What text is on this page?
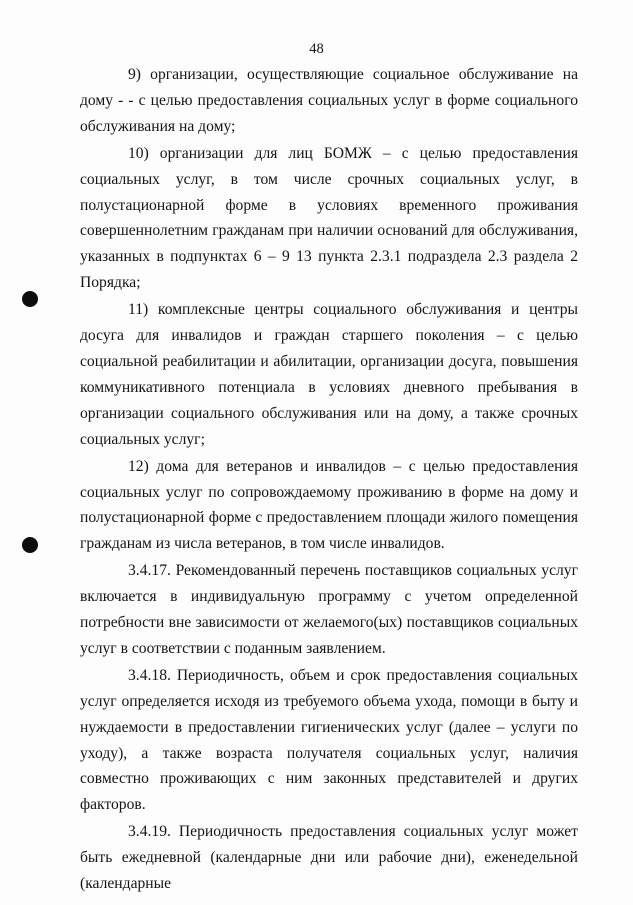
48

9) организации, осуществляющие социальное обслуживание на дому - - с целью предоставления социальных услуг в форме социального обслуживания на дому;

10) организации для лиц БОМЖ – с целью предоставления социальных услуг, в том числе срочных социальных услуг, в полустационарной форме в условиях временного проживания совершеннолетним гражданам при наличии оснований для обслуживания, указанных в подпунктах 6 – 9 13 пункта 2.3.1 подраздела 2.3 раздела 2 Порядка;

11) комплексные центры социального обслуживания и центры досуга для инвалидов и граждан старшего поколения – с целью социальной реабилитации и абилитации, организации досуга, повышения коммуникативного потенциала в условиях дневного пребывания в организации социального обслуживания или на дому, а также срочных социальных услуг;

12) дома для ветеранов и инвалидов – с целью предоставления социальных услуг по сопровождаемому проживанию в форме на дому и полустационарной форме с предоставлением площади жилого помещения гражданам из числа ветеранов, в том числе инвалидов.

3.4.17. Рекомендованный перечень поставщиков социальных услуг включается в индивидуальную программу с учетом определенной потребности вне зависимости от желаемого(ых) поставщиков социальных услуг в соответствии с поданным заявлением.

3.4.18. Периодичность, объем и срок предоставления социальных услуг определяется исходя из требуемого объема ухода, помощи в быту и нуждаемости в предоставлении гигиенических услуг (далее – услуги по уходу), а также возраста получателя социальных услуг, наличия совместно проживающих с ним законных представителей и других факторов.

3.4.19. Периодичность предоставления социальных услуг может быть ежедневной (календарные дни или рабочие дни), еженедельной (календарные
